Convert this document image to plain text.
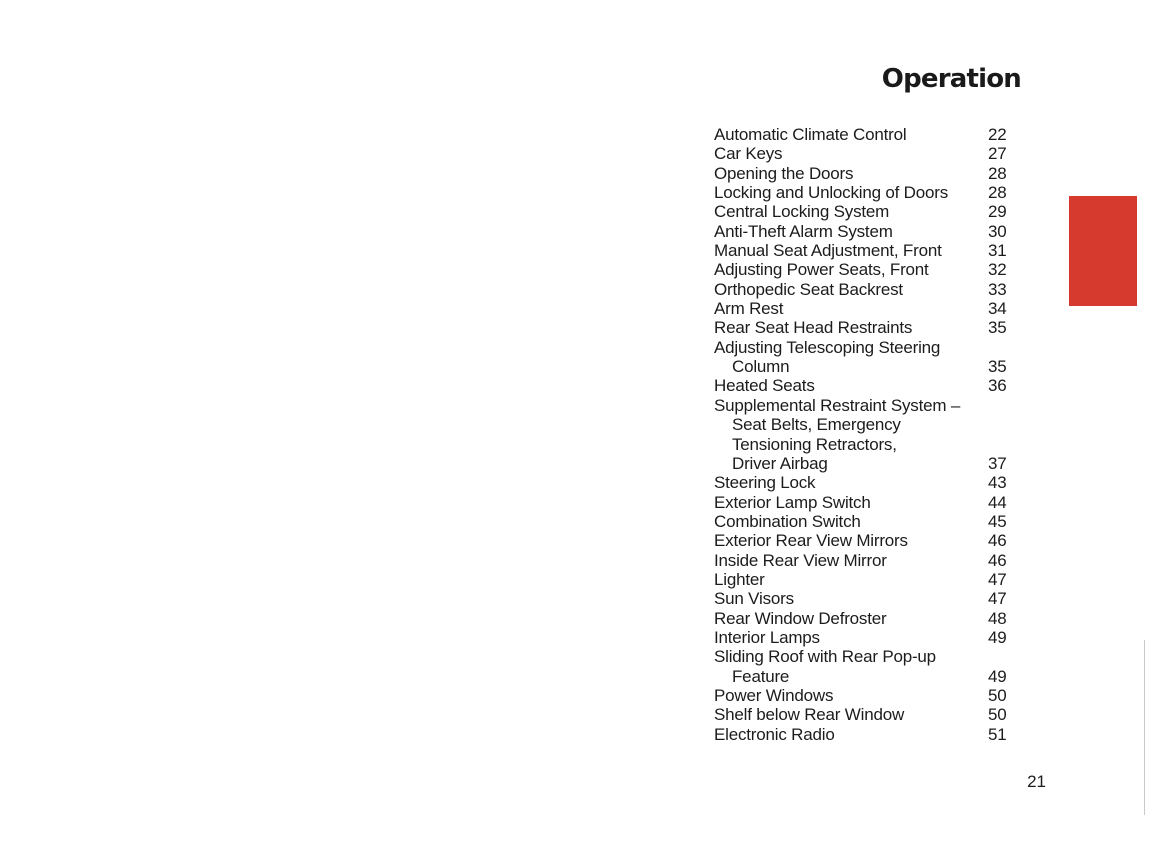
Operation
Automatic Climate Control	22
Car Keys	27
Opening the Doors	28
Locking and Unlocking of Doors	28
Central Locking System	29
Anti-Theft Alarm System	30
Manual Seat Adjustment, Front	31
Adjusting Power Seats, Front	32
Orthopedic Seat Backrest	33
Arm Rest	34
Rear Seat Head Restraints	35
Adjusting Telescoping Steering
Column	35
Heated Seats	36
Supplemental Restraint System –
Seat Belts, Emergency
Tensioning Retractors,
Driver Airbag	37
Steering Lock	43
Exterior Lamp Switch	44
Combination Switch	45
Exterior Rear View Mirrors	46
Inside Rear View Mirror	46
Lighter	47
Sun Visors	47
Rear Window Defroster	48
Interior Lamps	49
Sliding Roof with Rear Pop-up
Feature	49
Power Windows	50
Shelf below Rear Window	50
Electronic Radio	51
21
